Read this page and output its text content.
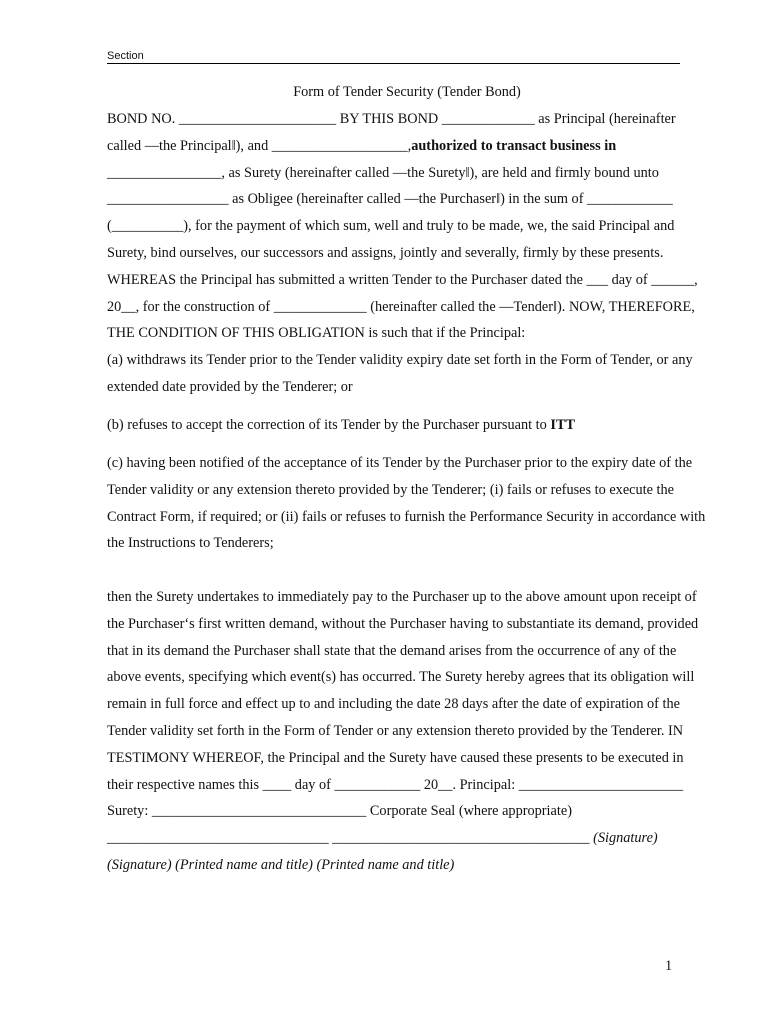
Section
Form of Tender Security (Tender Bond)

BOND NO. ______________________ BY THIS BOND _____________ as Principal (hereinafter called —the Principal‖), and ___________________,authorized to transact business in ________________, as Surety (hereinafter called —the Surety‖), are held and firmly bound unto _________________ as Obligee (hereinafter called —the Purchaser‖) in the sum of ____________ (__________), for the payment of which sum, well and truly to be made, we, the said Principal and Surety, bind ourselves, our successors and assigns, jointly and severally, firmly by these presents. WHEREAS the Principal has submitted a written Tender to the Purchaser dated the ___ day of ______, 20__, for the construction of _____________ (hereinafter called the —Tender‖). NOW, THEREFORE, THE CONDITION OF THIS OBLIGATION is such that if the Principal:
(a) withdraws its Tender prior to the Tender validity expiry date set forth in the Form of Tender, or any extended date provided by the Tenderer; or

(b) refuses to accept the correction of its Tender by the Purchaser pursuant to ITT

(c) having been notified of the acceptance of its Tender by the Purchaser prior to the expiry date of the Tender validity or any extension thereto provided by the Tenderer; (i) fails or refuses to execute the Contract Form, if required; or (ii) fails or refuses to furnish the Performance Security in accordance with the Instructions to Tenderers;

then the Surety undertakes to immediately pay to the Purchaser up to the above amount upon receipt of the Purchaser‘s first written demand, without the Purchaser having to substantiate its demand, provided that in its demand the Purchaser shall state that the demand arises from the occurrence of any of the above events, specifying which event(s) has occurred. The Surety hereby agrees that its obligation will remain in full force and effect up to and including the date 28 days after the date of expiration of the Tender validity set forth in the Form of Tender or any extension thereto provided by the Tenderer. IN TESTIMONY WHEREOF, the Principal and the Surety have caused these presents to be executed in their respective names this ____ day of ____________ 20__. Principal: _______________________ Surety: ______________________________ Corporate Seal (where appropriate) _______________________________ ____________________________________ (Signature) (Signature) (Printed name and title) (Printed name and title)

1
